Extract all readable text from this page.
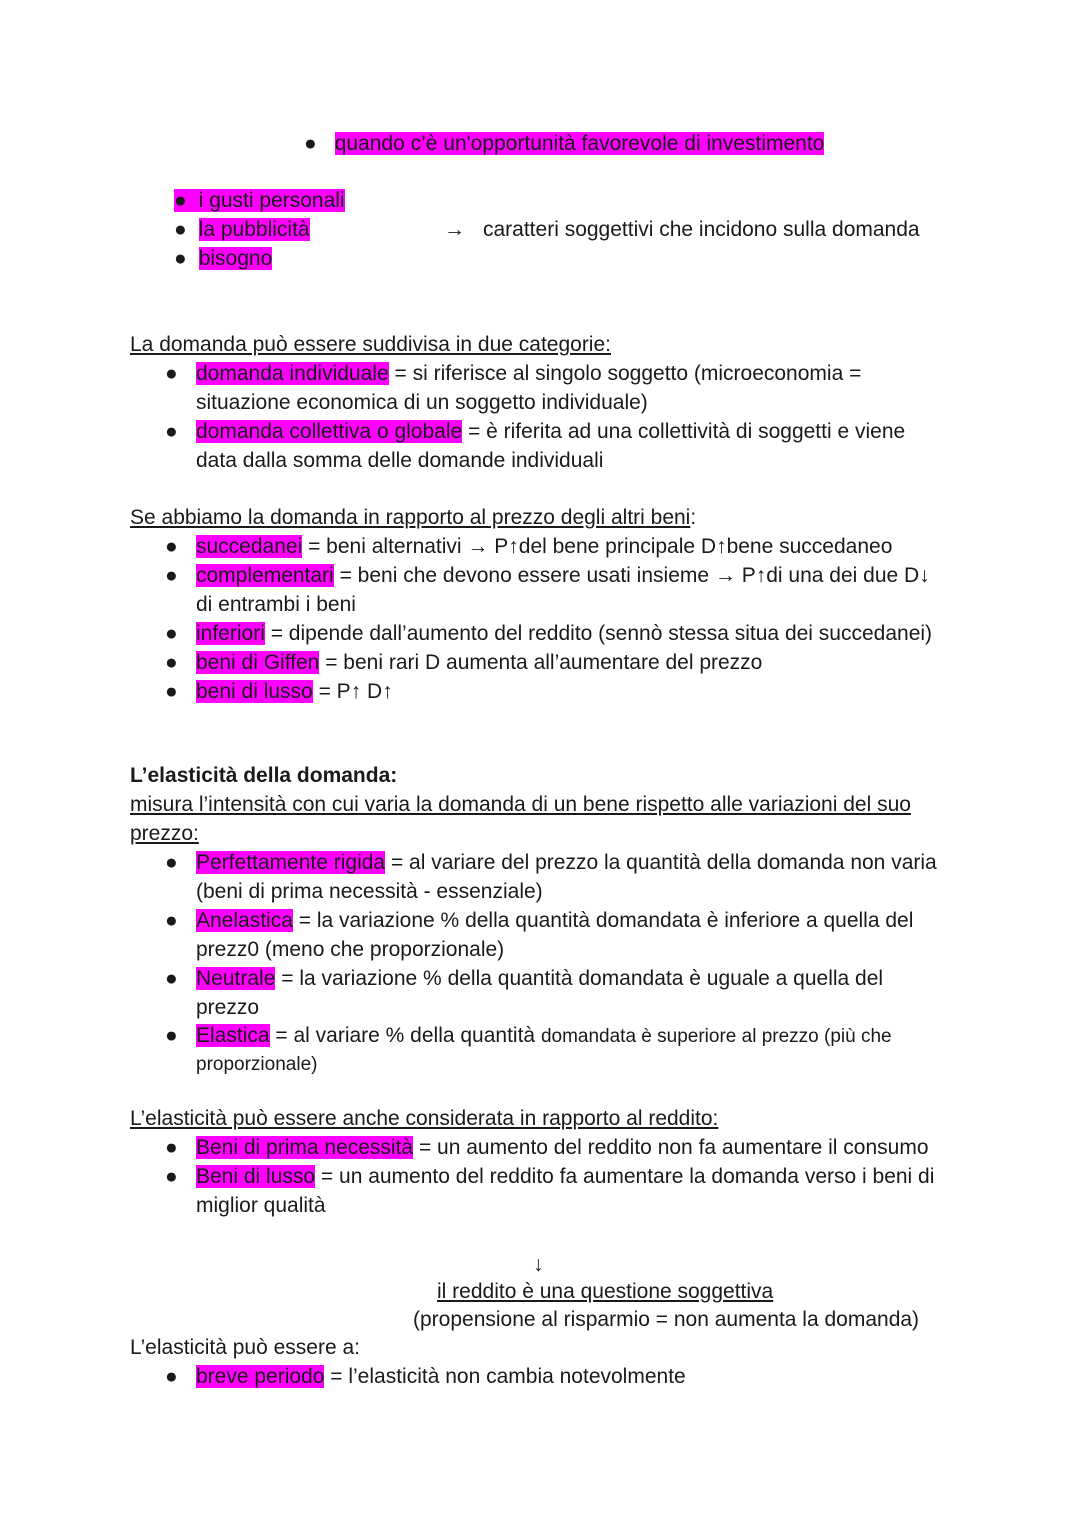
● quando c’è un'opportunità favorevole di investimento
● i gusti personali
● la pubblicità
● bisogno
→ caratteri soggettivi che incidono sulla domanda
La domanda può essere suddivisa in due categorie:
● domanda individuale = si riferisce al singolo soggetto (microeconomia = situazione economica di un soggetto individuale)
● domanda collettiva o globale = è riferita ad una collettività di soggetti e viene data dalla somma delle domande individuali
Se abbiamo la domanda in rapporto al prezzo degli altri beni:
● succedanei = beni alternativi → P↑del bene principale D↑bene succedaneo
● complementari = beni che devono essere usati insieme → P↑di una dei due D↓ di entrambi i beni
● inferiori = dipende dall’aumento del reddito (sennò stessa situa dei succedanei)
● beni di Giffen = beni rari D aumenta all’aumentare del prezzo
● beni di lusso = P↑ D↑
L’elasticità della domanda:
misura l’intensità con cui varia la domanda di un bene rispetto alle variazioni del suo prezzo:
● Perfettamente rigida = al variare del prezzo la quantità della domanda non varia (beni di prima necessità - essenziale)
● Anelastica = la variazione % della quantità domandata è inferiore a quella del prezz0 (meno che proporzionale)
● Neutrale = la variazione % della quantità domandata è uguale a quella del prezzo
● Elastica = al variare % della quantità domandata è superiore al prezzo (più che proporzionale)
L’elasticità può essere anche considerata in rapporto al reddito:
● Beni di prima necessità = un aumento del reddito non fa aumentare il consumo
● Beni di lusso = un aumento del reddito fa aumentare la domanda verso i beni di miglior qualità
↓
il reddito è una questione soggettiva
(propensione al risparmio = non aumenta la domanda)
L’elasticità può essere a:
● breve periodo = l’elasticità non cambia notevolmente
